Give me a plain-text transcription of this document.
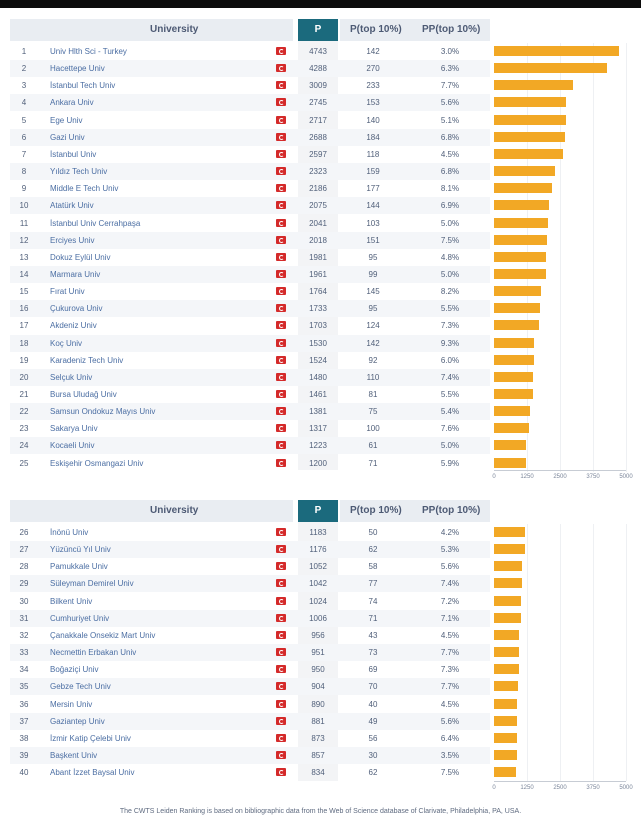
University	P	P(top 10%) PP(top 10%)
1	Univ Hlth Sci - Turkey	4743	142	3.0%
2	Hacettepe Univ	4288	270	6.3%
3	İstanbul Tech Univ	3009	233	7.7%
4	Ankara Univ	2745	153	5.6%
5	Ege Univ	2717	140	5.1%
6	Gazi Univ	2688	184	6.8%
7	İstanbul Univ	2597	118	4.5%
8	Yıldız Tech Univ	2323	159	6.8%
9	Middle E Tech Univ	2186	177	8.1%
10	Atatürk Univ	2075	144	6.9%
11	İstanbul Univ Cerrahpaşa	2041	103	5.0%
12	Erciyes Univ	2018	151	7.5%
13	Dokuz Eylül Univ	1981	95	4.8%
14	Marmara Univ	1961	99	5.0%
15	Fırat Univ	1764	145	8.2%
16	Çukurova Univ	1733	95	5.5%
17	Akdeniz Univ	1703	124	7.3%
18	Koç Univ	1530	142	9.3%
19	Karadeniz Tech Univ	1524	92	6.0%
20	Selçuk Univ	1480	110	7.4%
21	Bursa Uludağ Univ	1461	81	5.5%
22	Samsun Ondokuz Mayıs Univ	1381	75	5.4%
23	Sakarya Univ	1317	100	7.6%
24	Kocaeli Univ	1223	61	5.0%
25	Eskişehir Osmangazi Univ	1200	71	5.9%
0	1250	2500	3750	5000
University	P	P(top 10%) PP(top 10%)
26	İnönü Univ	1183	50	4.2%
27	Yüzüncü Yıl Univ	1176	62	5.3%
28	Pamukkale Univ	1052	58	5.6%
29	Süleyman Demirel Univ	1042	77	7.4%
30	Bilkent Univ	1024	74	7.2%
31	Cumhuriyet Univ	1006	71	7.1%
32	Çanakkale Onsekiz Mart Univ	956	43	4.5%
33	Necmettin Erbakan Univ	951	73	7.7%
34	Boğaziçi Univ	950	69	7.3%
35	Gebze Tech Univ	904	70	7.7%
36	Mersin Univ	890	40	4.5%
37	Gaziantep Univ	881	49	5.6%
38	İzmir Katip Çelebi Univ	873	56	6.4%
39	Başkent Univ	857	30	3.5%
40	Abant İzzet Baysal Univ	834	62	7.5%
0	1250	2500	3750	5000
The CWTS Leiden Ranking is based on bibliographic data from the Web of Science database of Clarivate, Philadelphia, PA, USA.
